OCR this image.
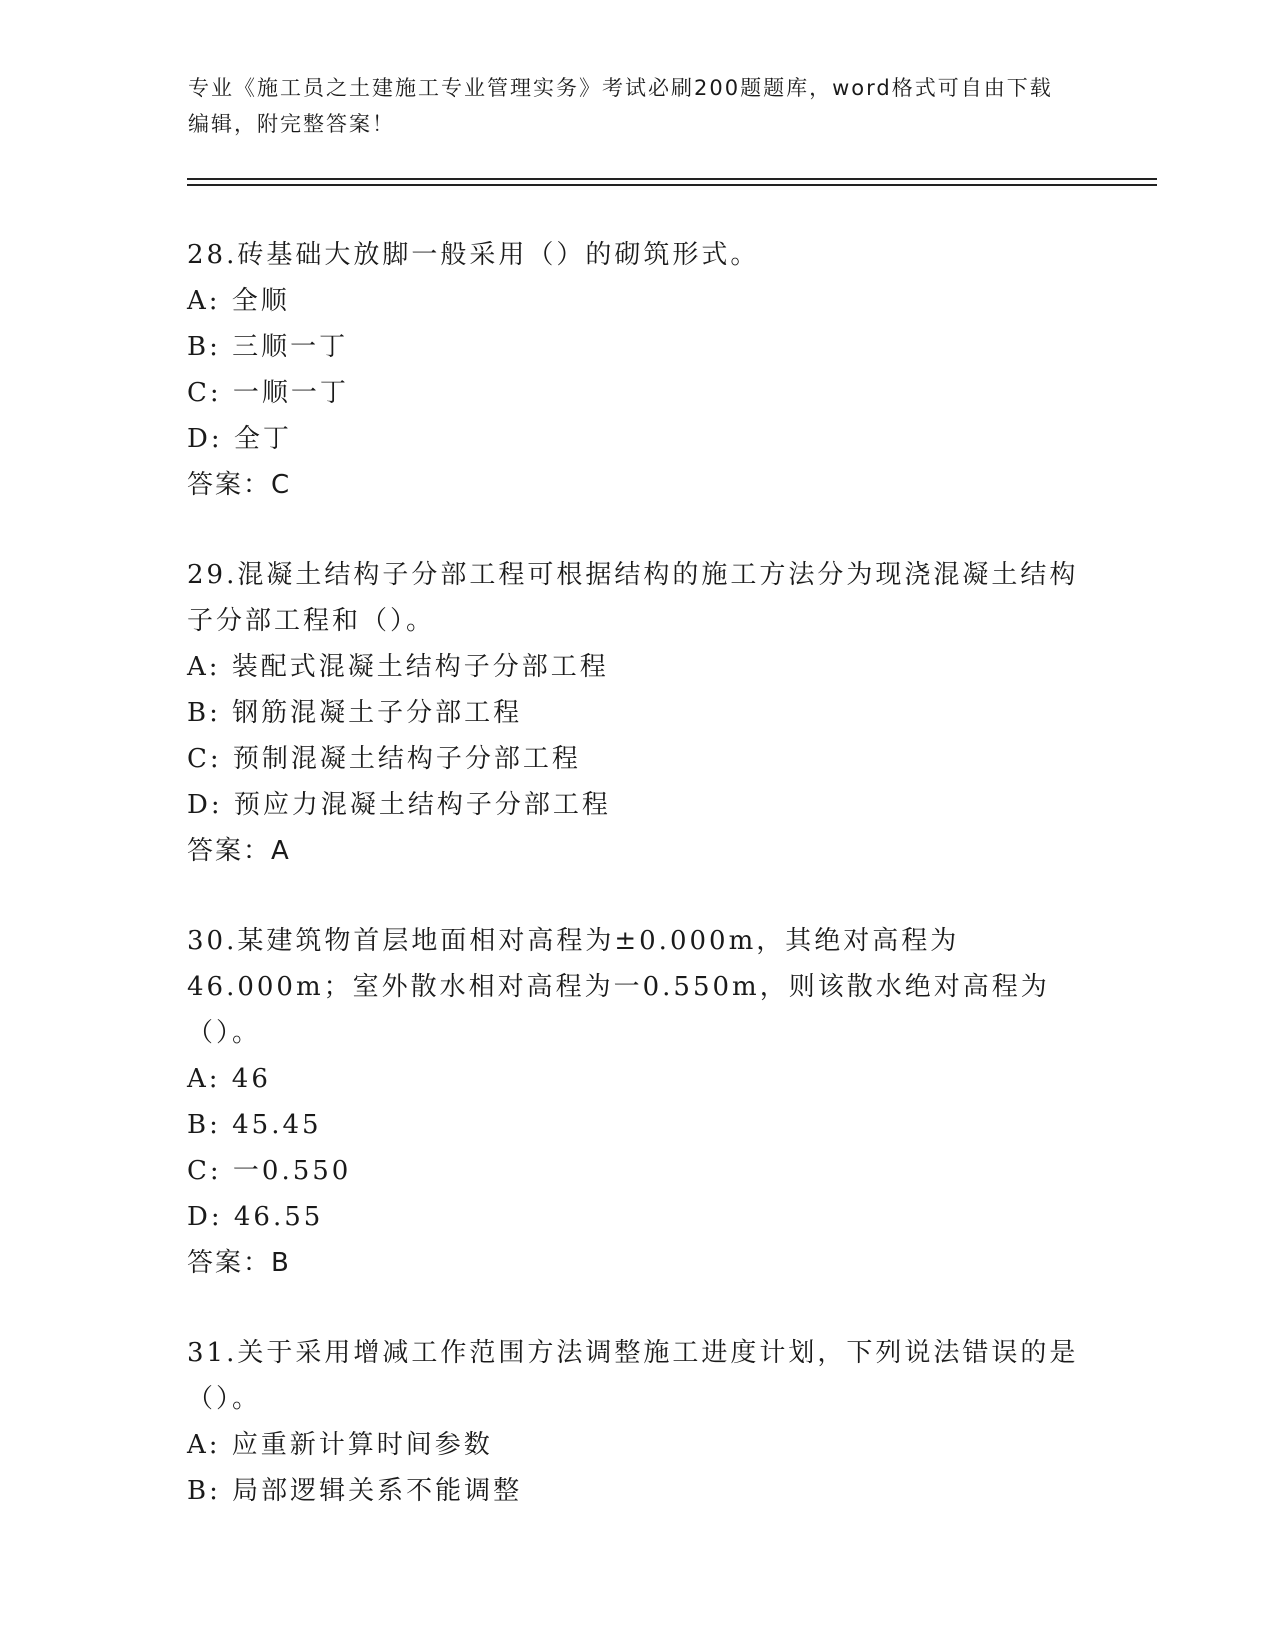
专业《施工员之土建施工专业管理实务》考试必刷200题题库，word格式可自由下载编辑，附完整答案！
28.砖基础大放脚一般采用（）的砌筑形式。
A: 全顺
B: 三顺一丁
C: 一顺一丁
D: 全丁
答案：C
29.混凝土结构子分部工程可根据结构的施工方法分为现浇混凝土结构子分部工程和（）。
A: 装配式混凝土结构子分部工程
B: 钢筋混凝土子分部工程
C: 预制混凝土结构子分部工程
D: 预应力混凝土结构子分部工程
答案：A
30.某建筑物首层地面相对高程为±0.000m，其绝对高程为46.000m；室外散水相对高程为一0.550m，则该散水绝对高程为（）。
A: 46
B: 45.45
C: 一0.550
D: 46.55
答案：B
31.关于采用增减工作范围方法调整施工进度计划，下列说法错误的是（）。
A: 应重新计算时间参数
B: 局部逻辑关系不能调整
